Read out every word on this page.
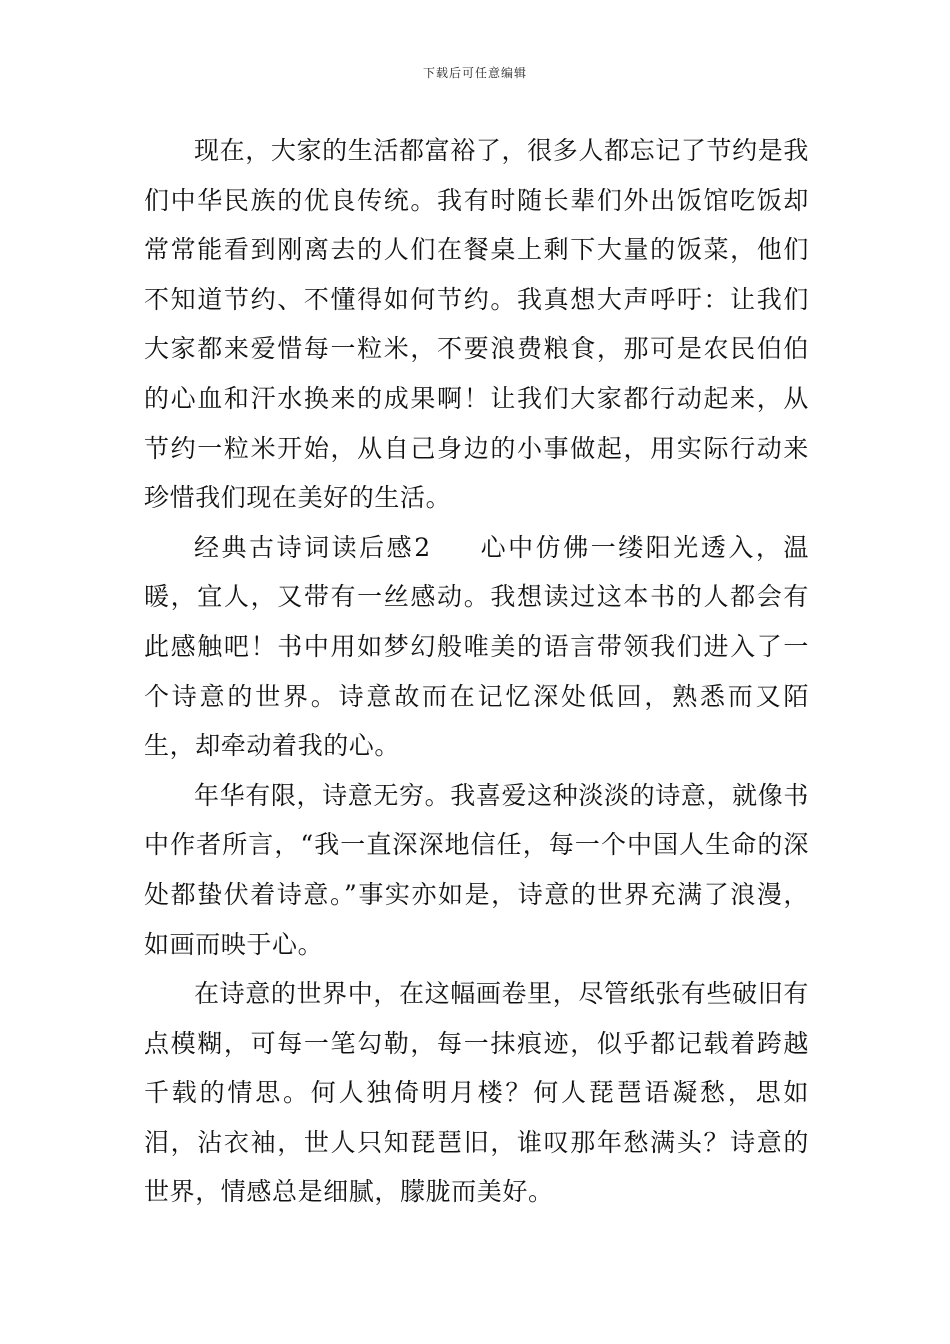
下载后可任意编辑

现在，大家的生活都富裕了，很多人都忘记了节约是我们中华民族的优良传统。我有时随长辈们外出饭馆吃饭却常常能看到刚离去的人们在餐桌上剩下大量的饭菜，他们不知道节约、不懂得如何节约。我真想大声呼吁：让我们大家都来爱惜每一粒米，不要浪费粮食，那可是农民伯伯的心血和汗水换来的成果啊！让我们大家都行动起来，从节约一粒米开始，从自己身边的小事做起，用实际行动来珍惜我们现在美好的生活。

经典古诗词读后感2 心中仿佛一缕阳光透入，温暖，宜人，又带有一丝感动。我想读过这本书的人都会有此感触吧！书中用如梦幻般唯美的语言带领我们进入了一个诗意的世界。诗意故而在记忆深处低回，熟悉而又陌生，却牵动着我的心。

年华有限，诗意无穷。我喜爱这种淡淡的诗意，就像书中作者所言，“我一直深深地信任，每一个中国人生命的深处都蛰伏着诗意。”事实亦如是，诗意的世界充满了浪漫，如画而映于心。

在诗意的世界中，在这幅画卷里，尽管纸张有些破旧有点模糊，可每一笔勾勒，每一抹痕迹，似乎都记载着跨越千载的情思。何人独倚明月楼？何人琵琶语凝愁，思如泪，沾衣袖，世人只知琵琶旧，谁叹那年愁满头？诗意的世界，情感总是细腻，朦胧而美好。
